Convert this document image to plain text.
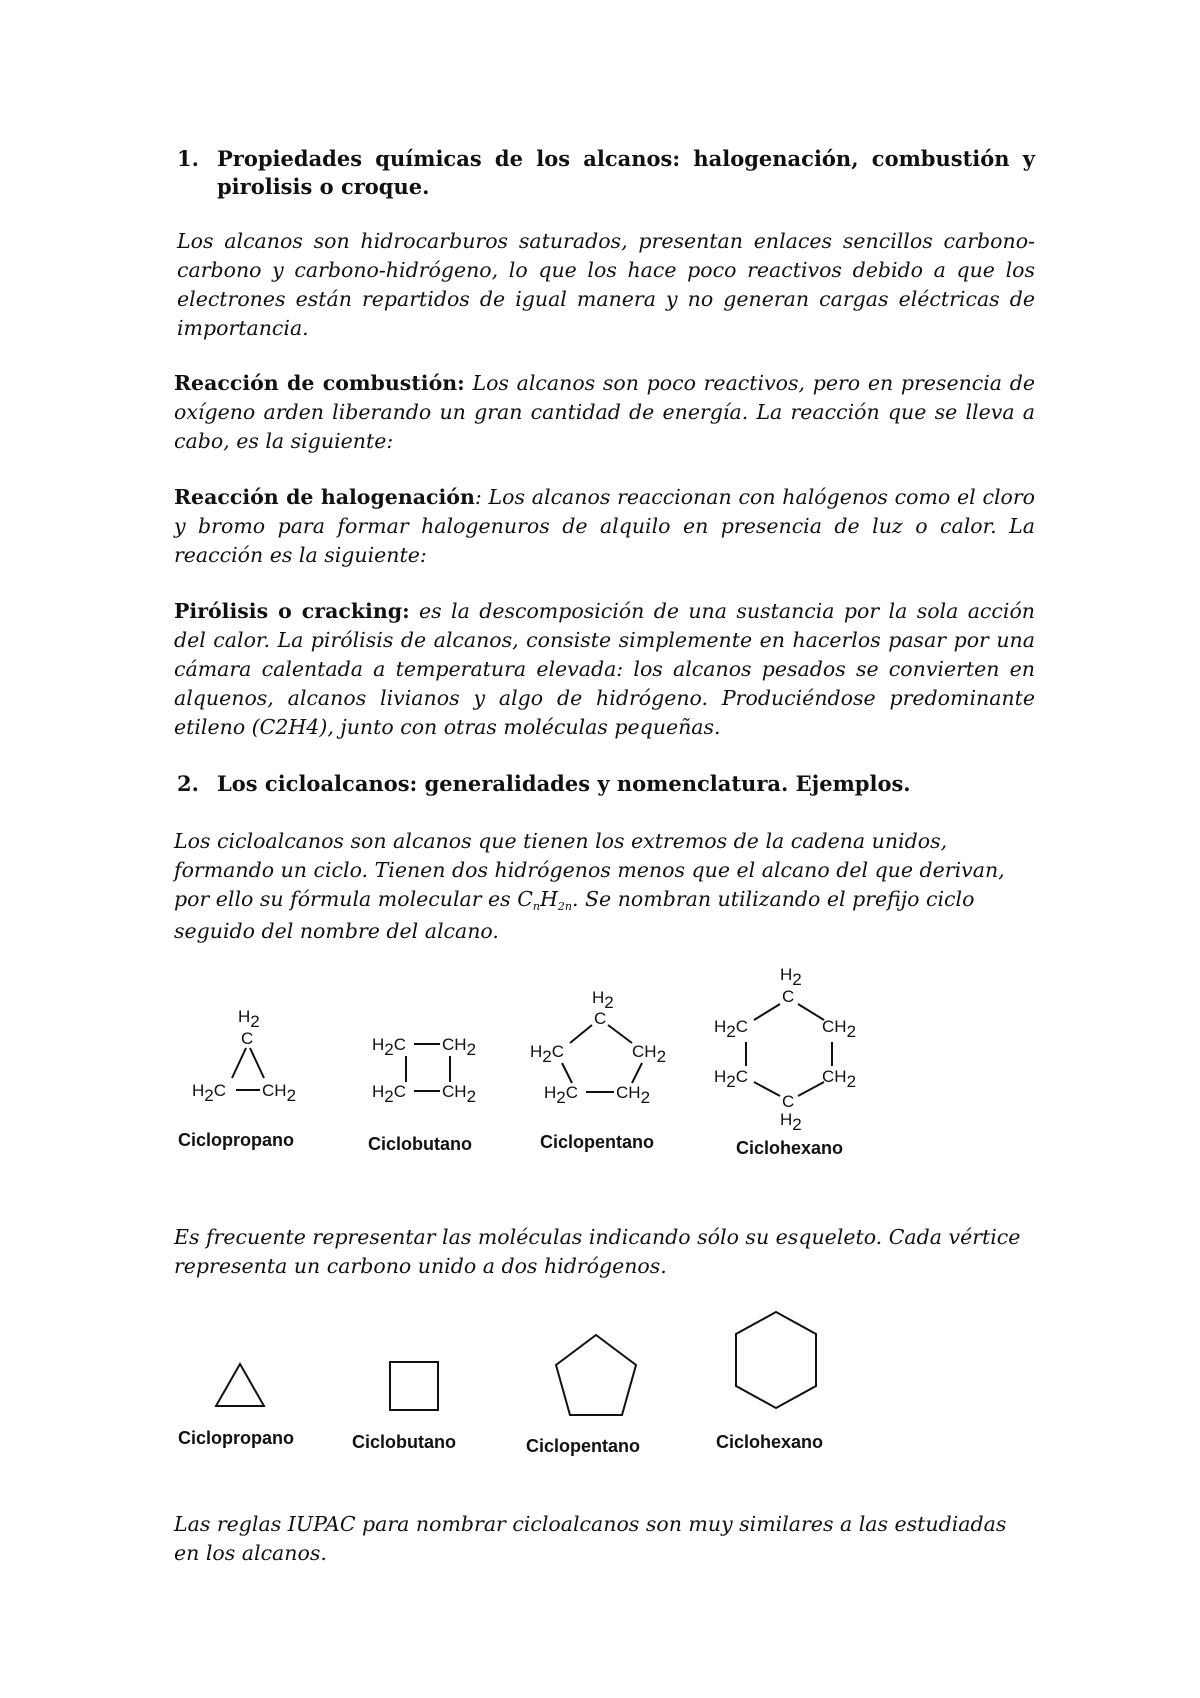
1. Propiedades químicas de los alcanos: halogenación, combustión y pirolisis o croque.

Los alcanos son hidrocarburos saturados, presentan enlaces sencillos carbono-carbono y carbono-hidrógeno, lo que los hace poco reactivos debido a que los electrones están repartidos de igual manera y no generan cargas eléctricas de importancia.

Reacción de combustión: Los alcanos son poco reactivos, pero en presencia de oxígeno arden liberando un gran cantidad de energía. La reacción que se lleva a cabo, es la siguiente:

Reacción de halogenación: Los alcanos reaccionan con halógenos como el cloro y bromo para formar halogenuros de alquilo en presencia de luz o calor. La reacción es la siguiente:

Pirólisis o cracking: es la descomposición de una sustancia por la sola acción del calor. La pirólisis de alcanos, consiste simplemente en hacerlos pasar por una cámara calentada a temperatura elevada: los alcanos pesados se convierten en alquenos, alcanos livianos y algo de hidrógeno. Produciéndose predominante etileno (C2H4), junto con otras moléculas pequeñas.

2. Los cicloalcanos: generalidades y nomenclatura. Ejemplos.

Los cicloalcanos son alcanos que tienen los extremos de la cadena unidos, formando un ciclo. Tienen dos hidrógenos menos que el alcano del que derivan, por ello su fórmula molecular es CnH2n. Se nombran utilizando el prefijo ciclo seguido del nombre del alcano.

H2
C
H2C CH2
Ciclopropano
H2C CH2
H2C CH2
Ciclobutano
H2
C
H2C	CH2
H2C CH2
Ciclopentano
H2
C
H2C	CH2
H2C	CH2
C
H2
Ciclohexano

Es frecuente representar las moléculas indicando sólo su esqueleto. Cada vértice representa un carbono unido a dos hidrógenos.

Ciclopropano	Ciclobutano	Ciclopentano	Ciclohexano

Las reglas IUPAC para nombrar cicloalcanos son muy similares a las estudiadas en los alcanos.
